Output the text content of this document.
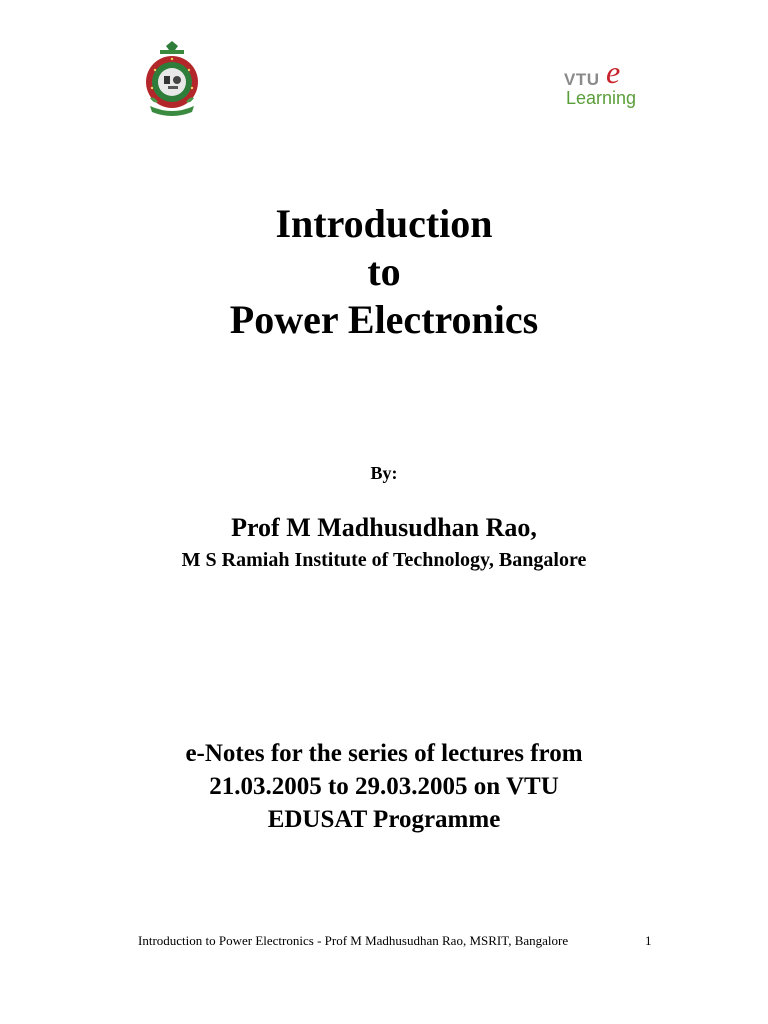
VTU e
Learning
Introduction
to
Power Electronics
By:
Prof M Madhusudhan Rao,
M S Ramiah Institute of Technology, Bangalore
e-Notes for the series of lectures from
21.03.2005 to 29.03.2005 on VTU
EDUSAT Programme
Introduction to Power Electronics - Prof M Madhusudhan Rao, MSRIT, Bangalore	1
